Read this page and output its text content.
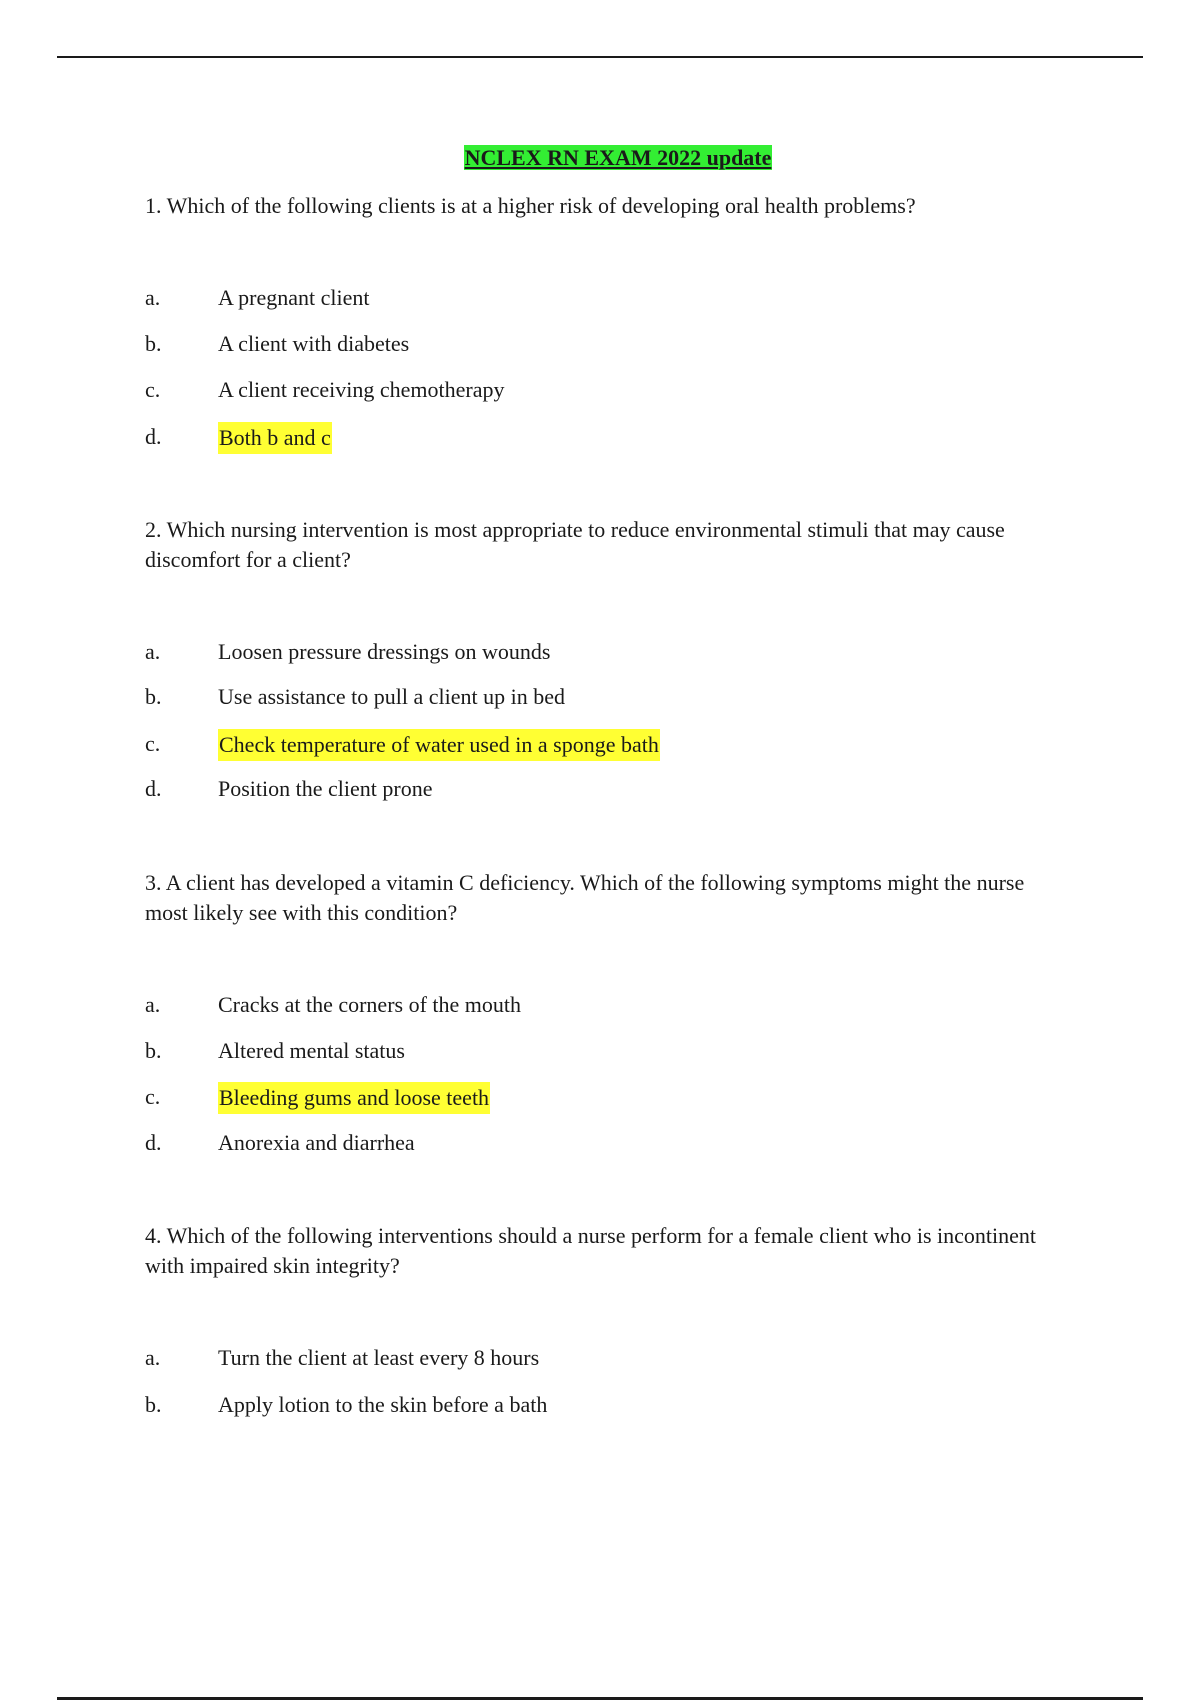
NCLEX RN EXAM 2022 update
1. Which of the following clients is at a higher risk of developing oral health problems?
a.	A pregnant client
b.	A client with diabetes
c.	A client receiving chemotherapy
d.	Both b and c
2. Which nursing intervention is most appropriate to reduce environmental stimuli that may cause discomfort for a client?
a.	Loosen pressure dressings on wounds
b.	Use assistance to pull a client up in bed
c.	Check temperature of water used in a sponge bath
d.	Position the client prone
3. A client has developed a vitamin C deficiency. Which of the following symptoms might the nurse most likely see with this condition?
a.	Cracks at the corners of the mouth
b.	Altered mental status
c.	Bleeding gums and loose teeth
d.	Anorexia and diarrhea
4. Which of the following interventions should a nurse perform for a female client who is incontinent with impaired skin integrity?
a.	Turn the client at least every 8 hours
b.	Apply lotion to the skin before a bath
